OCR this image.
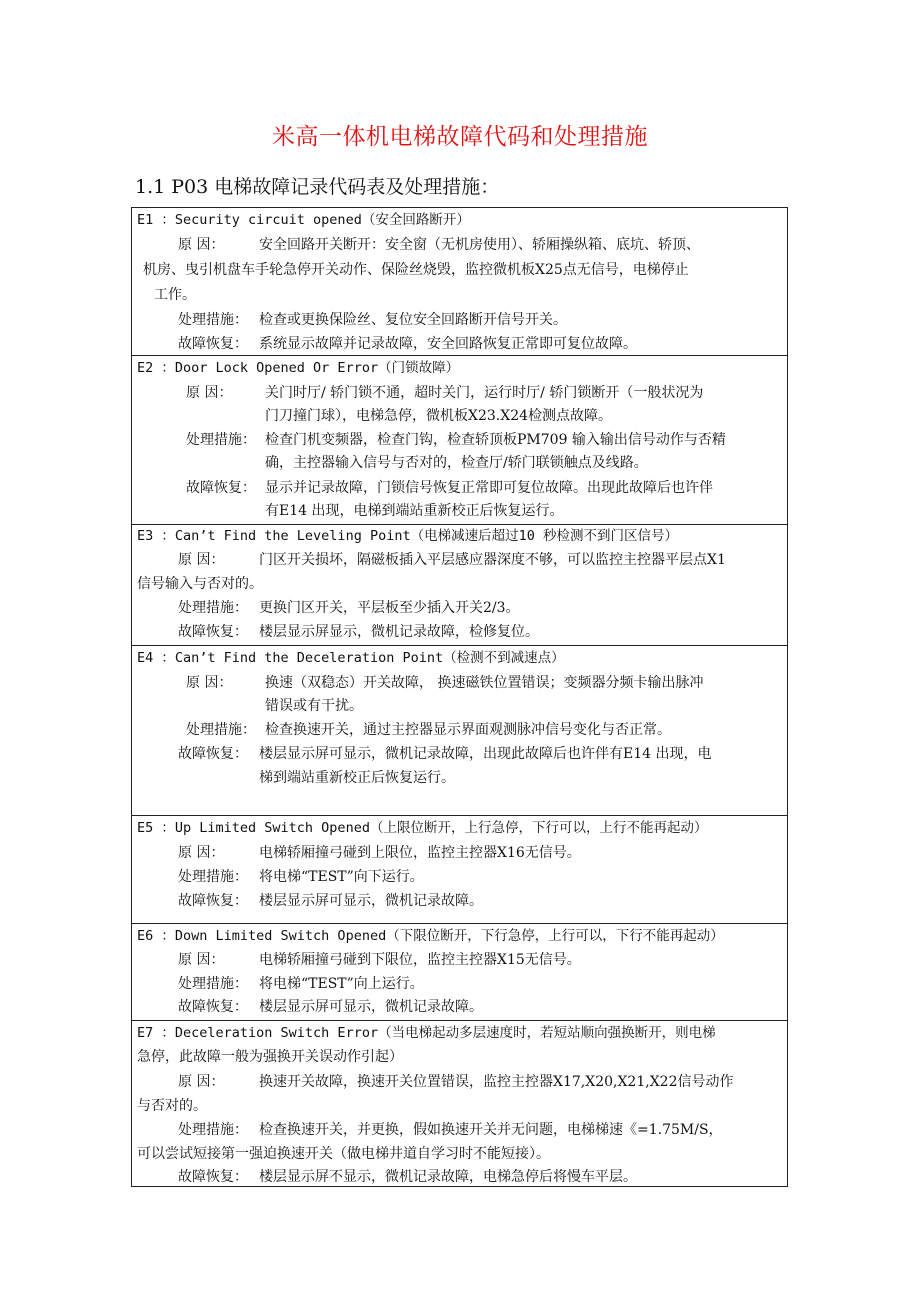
米高一体机电梯故障代码和处理措施
1.1 P03 电梯故障记录代码表及处理措施：
E1 ：Security circuit opened（安全回路断开）
原 因： 安全回路开关断开：安全窗（无机房使用）、轿厢操纵箱、底坑、轿顶、
机房、曳引机盘车手轮急停开关动作、保险丝烧毁，监控微机板X25点无信号，电梯停止
工作。
处理措施： 检查或更换保险丝、复位安全回路断开信号开关。
故障恢复： 系统显示故障并记录故障，安全回路恢复正常即可复位故障。
E2 ：Door Lock Opened Or Error（门锁故障）
原 因： 关门时厅/ 轿门锁不通，超时关门，运行时厅/ 轿门锁断开（一般状况为
门刀撞门球），电梯急停，微机板X23.X24检测点故障。
处理措施： 检查门机变频器，检查门钩，检查轿顶板PM709 输入输出信号动作与否精
确，主控器输入信号与否对的，检查厅/轿门联锁触点及线路。
故障恢复： 显示并记录故障，门锁信号恢复正常即可复位故障。出现此故障后也许伴
有E14 出现，电梯到端站重新校正后恢复运行。
E3 ：Can’t Find the Leveling Point（电梯减速后超过10 秒检测不到门区信号）
原 因： 门区开关损坏，隔磁板插入平层感应器深度不够，可以监控主控器平层点X1
信号输入与否对的。
处理措施： 更换门区开关，平层板至少插入开关2/3。
故障恢复： 楼层显示屏显示，微机记录故障，检修复位。
E4 ：Can’t Find the Deceleration Point（检测不到减速点）
原 因： 换速（双稳态）开关故障， 换速磁铁位置错误；变频器分频卡输出脉冲
错误或有干扰。
处理措施： 检查换速开关，通过主控器显示界面观测脉冲信号变化与否正常。
故障恢复： 楼层显示屏可显示，微机记录故障，出现此故障后也许伴有E14 出现，电
梯到端站重新校正后恢复运行。
E5 ：Up Limited Switch Opened（上限位断开，上行急停，下行可以，上行不能再起动）
原 因： 电梯轿厢撞弓碰到上限位，监控主控器X16无信号。
处理措施： 将电梯“TEST”向下运行。
故障恢复： 楼层显示屏可显示，微机记录故障。
E6 ：Down Limited Switch Opened（下限位断开，下行急停，上行可以，下行不能再起动）
原 因： 电梯轿厢撞弓碰到下限位，监控主控器X15无信号。
处理措施： 将电梯“TEST”向上运行。
故障恢复： 楼层显示屏可显示，微机记录故障。
E7 ：Deceleration Switch Error（当电梯起动多层速度时，若短站顺向强换断开，则电梯
急停，此故障一般为强换开关误动作引起）
原 因： 换速开关故障，换速开关位置错误，监控主控器X17,X20,X21,X22信号动作
与否对的。
处理措施： 检查换速开关，并更换，假如换速开关并无问题，电梯梯速《=1.75M/S，
可以尝试短接第一强迫换速开关（做电梯井道自学习时不能短接）。
故障恢复： 楼层显示屏不显示，微机记录故障，电梯急停后将慢车平层。
